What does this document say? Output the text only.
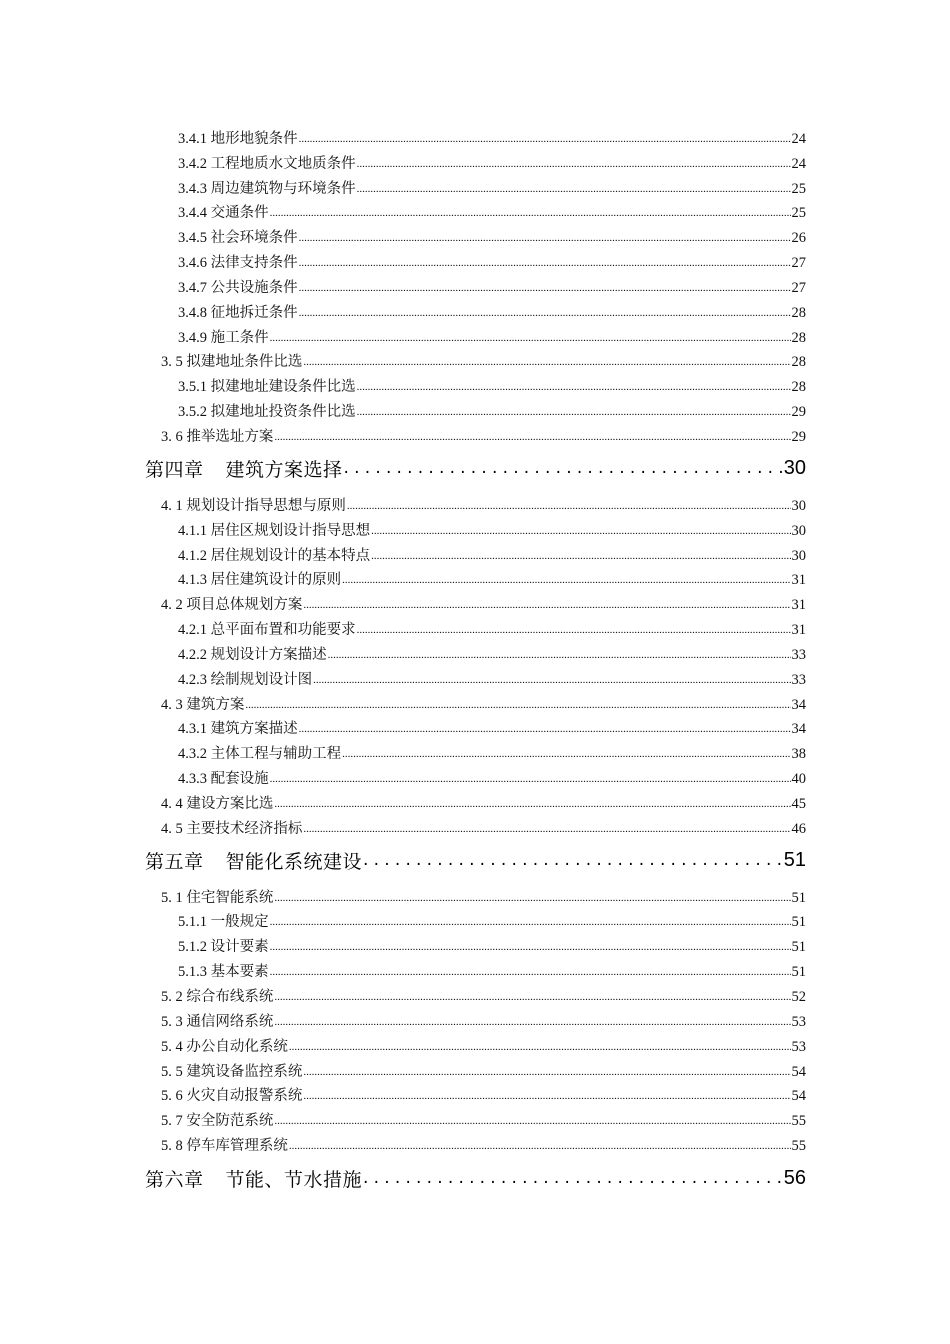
3.4.1 地形地貌条件 .....	24
3.4.2 工程地质水文地质条件 .....	24
3.4.3 周边建筑物与环境条件 .....	25
3.4.4 交通条件 .....	25
3.4.5 社会环境条件 .....	26
3.4.6 法律支持条件 .....	27
3.4.7 公共设施条件 .....	27
3.4.8 征地拆迁条件 .....	28
3.4.9 施工条件 .....	28
3. 5 拟建地址条件比选 .....	28
3.5.1 拟建地址建设条件比选 .....	28
3.5.2 拟建地址投资条件比选 .....	29
3. 6 推举选址方案 .....	29
第四章 建筑方案选择 .....	30
4. 1 规划设计指导思想与原则 .....	30
4.1.1 居住区规划设计指导思想 .....	30
4.1.2 居住规划设计的基本特点 .....	30
4.1.3 居住建筑设计的原则 .....	31
4. 2 项目总体规划方案 .....	31
4.2.1 总平面布置和功能要求 .....	31
4.2.2 规划设计方案描述 .....	33
4.2.3 绘制规划设计图 .....	33
4. 3 建筑方案 .....	34
4.3.1 建筑方案描述 .....	34
4.3.2 主体工程与辅助工程 .....	38
4.3.3 配套设施 .....	40
4. 4 建设方案比选 .....	45
4. 5 主要技术经济指标 .....	46
第五章 智能化系统建设 .....	51
5. 1 住宅智能系统 .....	51
5.1.1 一般规定 .....	51
5.1.2 设计要素 .....	51
5.1.3 基本要素 .....	51
5. 2 综合布线系统 .....	52
5. 3 通信网络系统 .....	53
5. 4 办公自动化系统 .....	53
5. 5 建筑设备监控系统 .....	54
5. 6 火灾自动报警系统 .....	54
5. 7 安全防范系统 .....	55
5. 8 停车库管理系统 .....	55
第六章 节能、节水措施 .....	56
